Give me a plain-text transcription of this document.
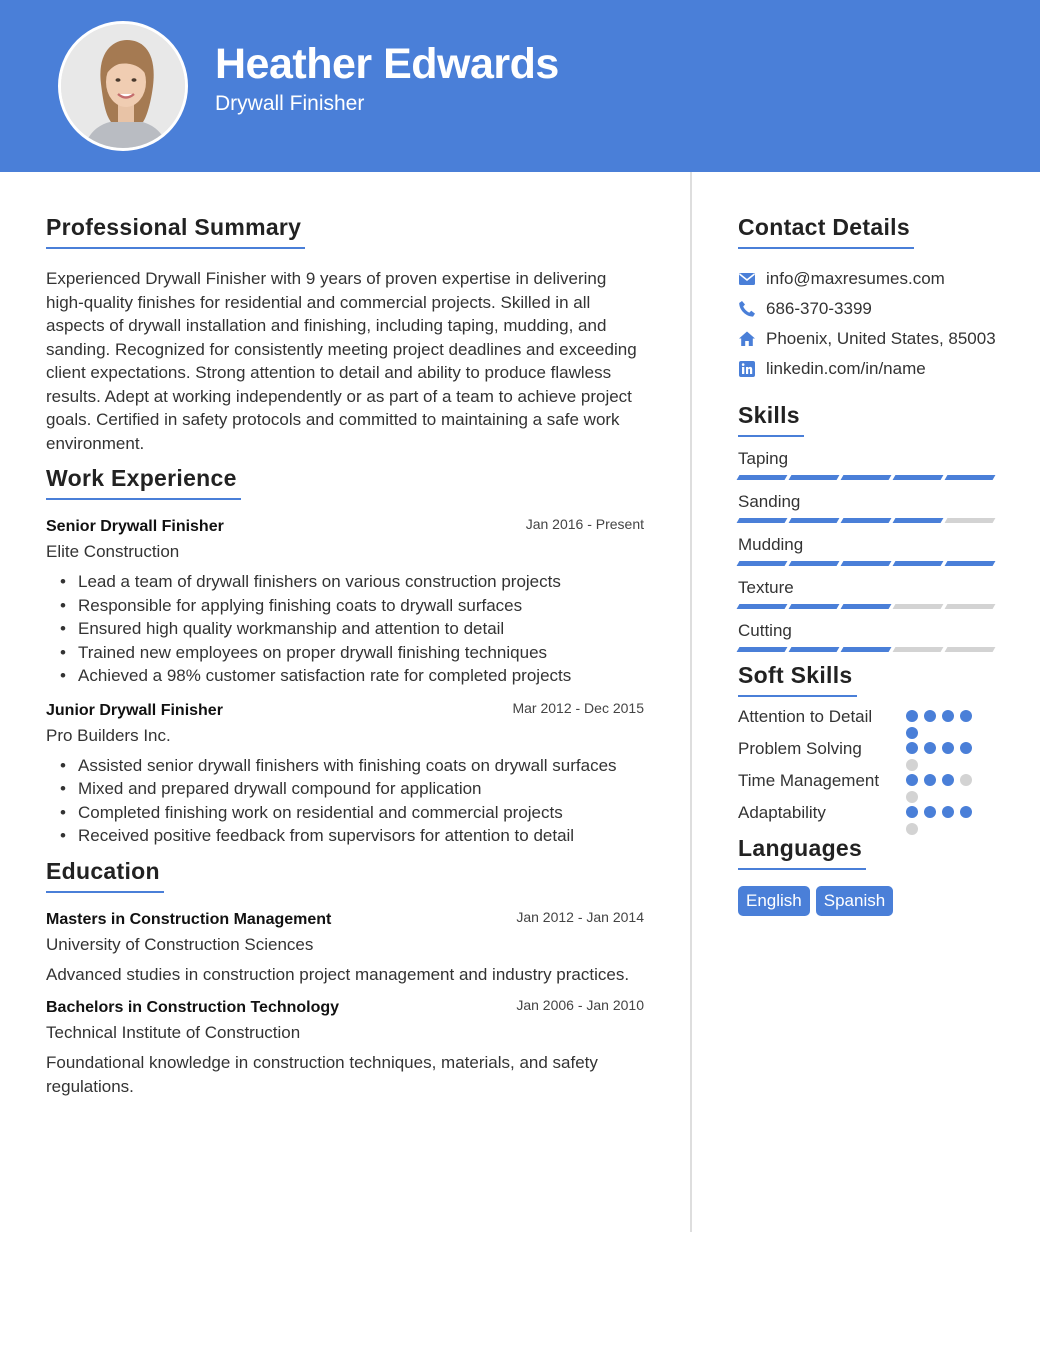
Heather Edwards
Drywall Finisher
Professional Summary

Experienced Drywall Finisher with 9 years of proven expertise in delivering high-quality finishes for residential and commercial projects. Skilled in all aspects of drywall installation and finishing, including taping, mudding, and sanding. Recognized for consistently meeting project deadlines and exceeding client expectations. Strong attention to detail and ability to produce flawless results. Adept at working independently or as part of a team to achieve project goals. Certified in safety protocols and committed to maintaining a safe work environment.

Work Experience
Senior Drywall Finisher	Jan 2016 - Present
Elite Construction
• Lead a team of drywall finishers on various construction projects
• Responsible for applying finishing coats to drywall surfaces
• Ensured high quality workmanship and attention to detail
• Trained new employees on proper drywall finishing techniques
• Achieved a 98% customer satisfaction rate for completed projects
Junior Drywall Finisher	Mar 2012 - Dec 2015
Pro Builders Inc.
• Assisted senior drywall finishers with finishing coats on drywall surfaces
• Mixed and prepared drywall compound for application
• Completed finishing work on residential and commercial projects
• Received positive feedback from supervisors for attention to detail
Education
Masters in Construction Management	Jan 2012 - Jan 2014
University of Construction Sciences

Advanced studies in construction project management and industry practices.

Bachelors in Construction Technology	Jan 2006 - Jan 2010
Technical Institute of Construction

Foundational knowledge in construction techniques, materials, and safety regulations.

Contact Details
info@maxresumes.com
686-370-3399
Phoenix, United States, 85003
linkedin.com/in/name
Skills
Taping
Sanding
Mudding
Texture
Cutting
Soft Skills
Attention to Detail
Problem Solving
Time Management
Adaptability
Languages
English	Spanish
